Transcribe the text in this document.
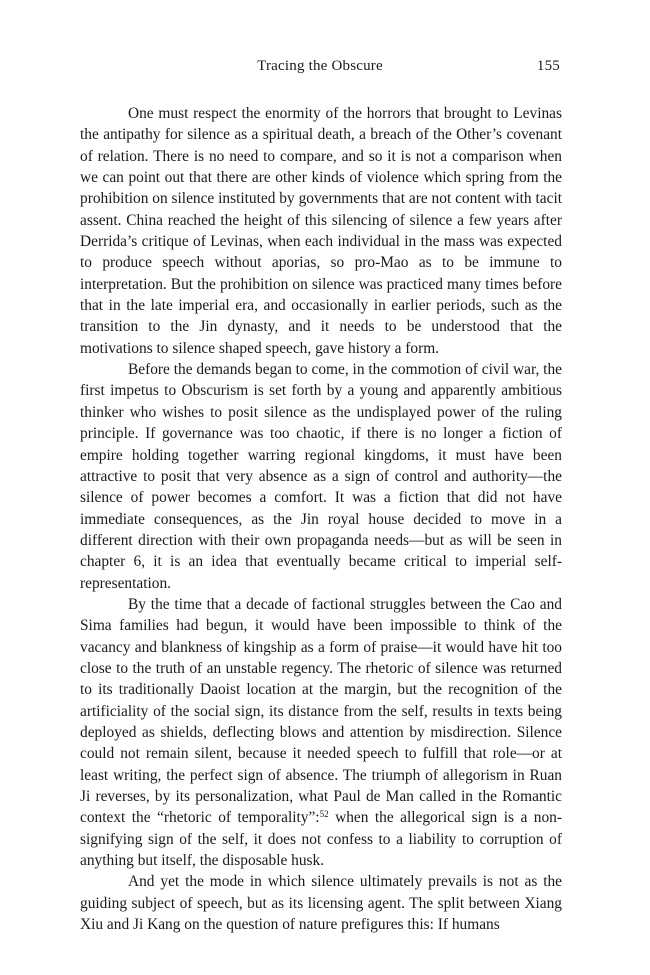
Tracing the Obscure	155

One must respect the enormity of the horrors that brought to Levinas the antipathy for silence as a spiritual death, a breach of the Other’s covenant of relation. There is no need to compare, and so it is not a comparison when we can point out that there are other kinds of violence which spring from the prohibition on silence instituted by governments that are not content with tacit assent. China reached the height of this silencing of silence a few years after Derrida’s critique of Levinas, when each individual in the mass was expected to produce speech without aporias, so pro-Mao as to be immune to interpretation. But the prohibition on silence was practiced many times before that in the late imperial era, and occasionally in earlier periods, such as the transition to the Jin dynasty, and it needs to be understood that the motivations to silence shaped speech, gave history a form.

Before the demands began to come, in the commotion of civil war, the first impetus to Obscurism is set forth by a young and apparently ambitious thinker who wishes to posit silence as the undisplayed power of the ruling principle. If governance was too chaotic, if there is no longer a fiction of empire holding together warring regional kingdoms, it must have been attractive to posit that very absence as a sign of control and authority—the silence of power becomes a comfort. It was a fiction that did not have immediate consequences, as the Jin royal house decided to move in a different direction with their own propaganda needs—but as will be seen in chapter 6, it is an idea that eventually became critical to imperial self-representation.

By the time that a decade of factional struggles between the Cao and Sima families had begun, it would have been impossible to think of the vacancy and blankness of kingship as a form of praise—it would have hit too close to the truth of an unstable regency. The rhetoric of silence was returned to its traditionally Daoist location at the margin, but the recognition of the artificiality of the social sign, its distance from the self, results in texts being deployed as shields, deflecting blows and attention by misdirection. Silence could not remain silent, because it needed speech to fulfill that role—or at least writing, the perfect sign of absence. The triumph of allegorism in Ruan Ji reverses, by its personalization, what Paul de Man called in the Romantic context the “rhetoric of temporality”:$^{52}$ when the allegorical sign is a non-signifying sign of the self, it does not confess to a liability to corruption of anything but itself, the disposable husk.

And yet the mode in which silence ultimately prevails is not as the guiding subject of speech, but as its licensing agent. The split between Xiang Xiu and Ji Kang on the question of nature prefigures this: If humans
